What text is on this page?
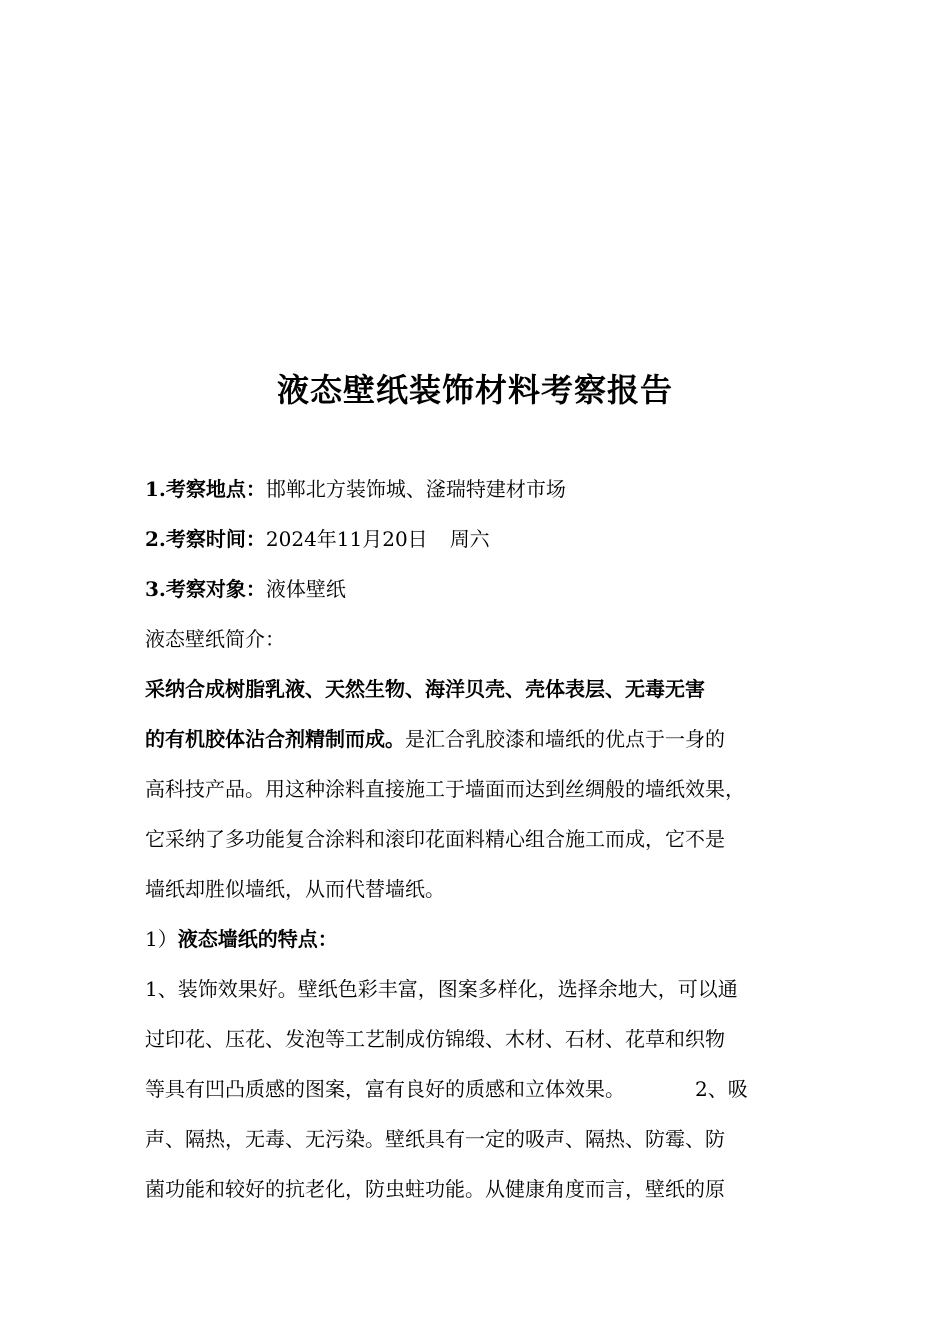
液态壁纸装饰材料考察报告
1.考察地点：邯郸北方装饰城、滏瑞特建材市场
2.考察时间：2024年11月20日 周六
3.考察对象：液体壁纸
液态壁纸简介：
采纳合成树脂乳液、天然生物、海洋贝壳、壳体表层、无毒无害
的有机胶体沾合剂精制而成。是汇合乳胶漆和墙纸的优点于一身的
高科技产品。用这种涂料直接施工于墙面而达到丝绸般的墙纸效果，
它采纳了多功能复合涂料和滚印花面料精心组合施工而成，它不是
墙纸却胜似墙纸，从而代替墙纸。
1）液态墙纸的特点：
1、装饰效果好。壁纸色彩丰富，图案多样化，选择余地大，可以通
过印花、压花、发泡等工艺制成仿锦缎、木材、石材、花草和织物
等具有凹凸质感的图案，富有良好的质感和立体效果。	2、吸
声、隔热，无毒、无污染。壁纸具有一定的吸声、隔热、防霉、防
菌功能和较好的抗老化，防虫蛀功能。从健康角度而言，壁纸的原
